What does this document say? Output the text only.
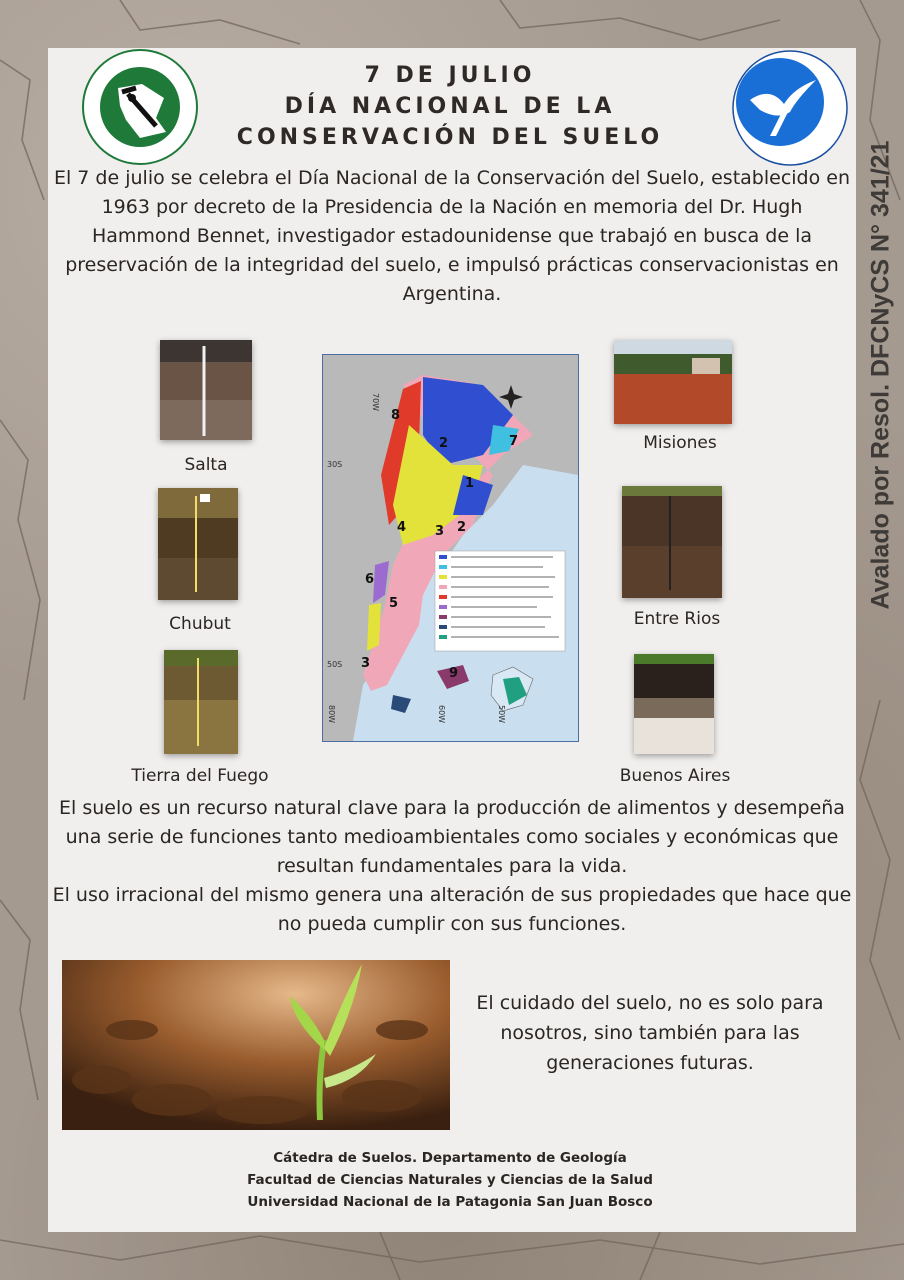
7 DE JULIO
DÍA NACIONAL DE LA
CONSERVACIÓN DEL SUELO
Avalado por Resol. DFCNyCS N° 341/21
El 7 de julio se celebra el Día Nacional de la Conservación del Suelo, establecido en 1963 por decreto de la Presidencia de la Nación en memoria del Dr. Hugh Hammond Bennet, investigador estadounidense que trabajó en busca de la preservación de la integridad del suelo, e impulsó prácticas conservacionistas en Argentina.
Salta
Chubut
Tierra del Fuego
Misiones
Entre Rios
Buenos Aires
8
2	7
1
4 3 2
6
5
3
9
30S
50S
70W
60W	50W
80W
El suelo es un recurso natural clave para la producción de alimentos y desempeña una serie de funciones tanto medioambientales como sociales y económicas que resultan fundamentales para la vida.
El uso irracional del mismo genera una alteración de sus propiedades que hace que no pueda cumplir con sus funciones.
El cuidado del suelo, no es solo para nosotros, sino también para las generaciones futuras.
Cátedra de Suelos. Departamento de Geología
Facultad de Ciencias Naturales y Ciencias de la Salud
Universidad Nacional de la Patagonia San Juan Bosco
